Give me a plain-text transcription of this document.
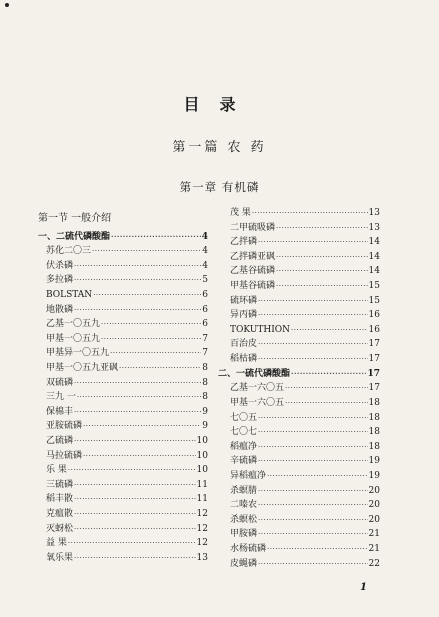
目录
第一篇 农 药
第一章 有机磷
第一节 一般介绍
一、二硫代磷酸酯 ·····	4
苏化二〇三 ·····	4
伏杀磷 ·····	4
多拉磷 ·····	5
BOLSTAN ·····	6
地散磷 ·····	6
乙基一〇五九 ·····	6
甲基一〇五九 ·····	7
甲基异一〇五九 ·····	7
甲基一〇五九亚砜 ·····	8
双硫磷 ·····	8
三九 一 ·····	8
保棉丰 ·····	9
亚胺硫磷 ·····	9
乙硫磷 ·····	10
马拉硫磷 ·····	10
乐 果 ·····	10
三硫磷 ·····	11
稻丰散 ·····	11
克瘟散 ·····	12
灭蚜松 ·····	12
益 果 ·····	12
氧乐果 ·····	13
茂 果 ·····	13
二甲硫吸磷 ·····	13
乙拌磷 ·····	14
乙拌磷亚砜 ·····	14
乙基谷硫磷 ·····	14
甲基谷硫磷 ·····	15
硫环磷 ·····	15
异丙磷 ·····	16
TOKUTHION ·····	16
百治皮 ·····	17
稻枯磷 ·····	17
二、一硫代磷酸酯 ·····	17
乙基一六〇五 ·····	17
甲基一六〇五 ·····	18
七〇五 ·····	18
七〇七 ·····	18
稻瘟净 ·····	18
辛硫磷 ·····	19
异稻瘟净 ·····	19
杀螟腈 ·····	20
二嗪农 ·····	20
杀螟松 ·····	20
甲胺磷 ·····	21
水杨硫磷 ·····	21
皮蝇磷 ·····	22
1
